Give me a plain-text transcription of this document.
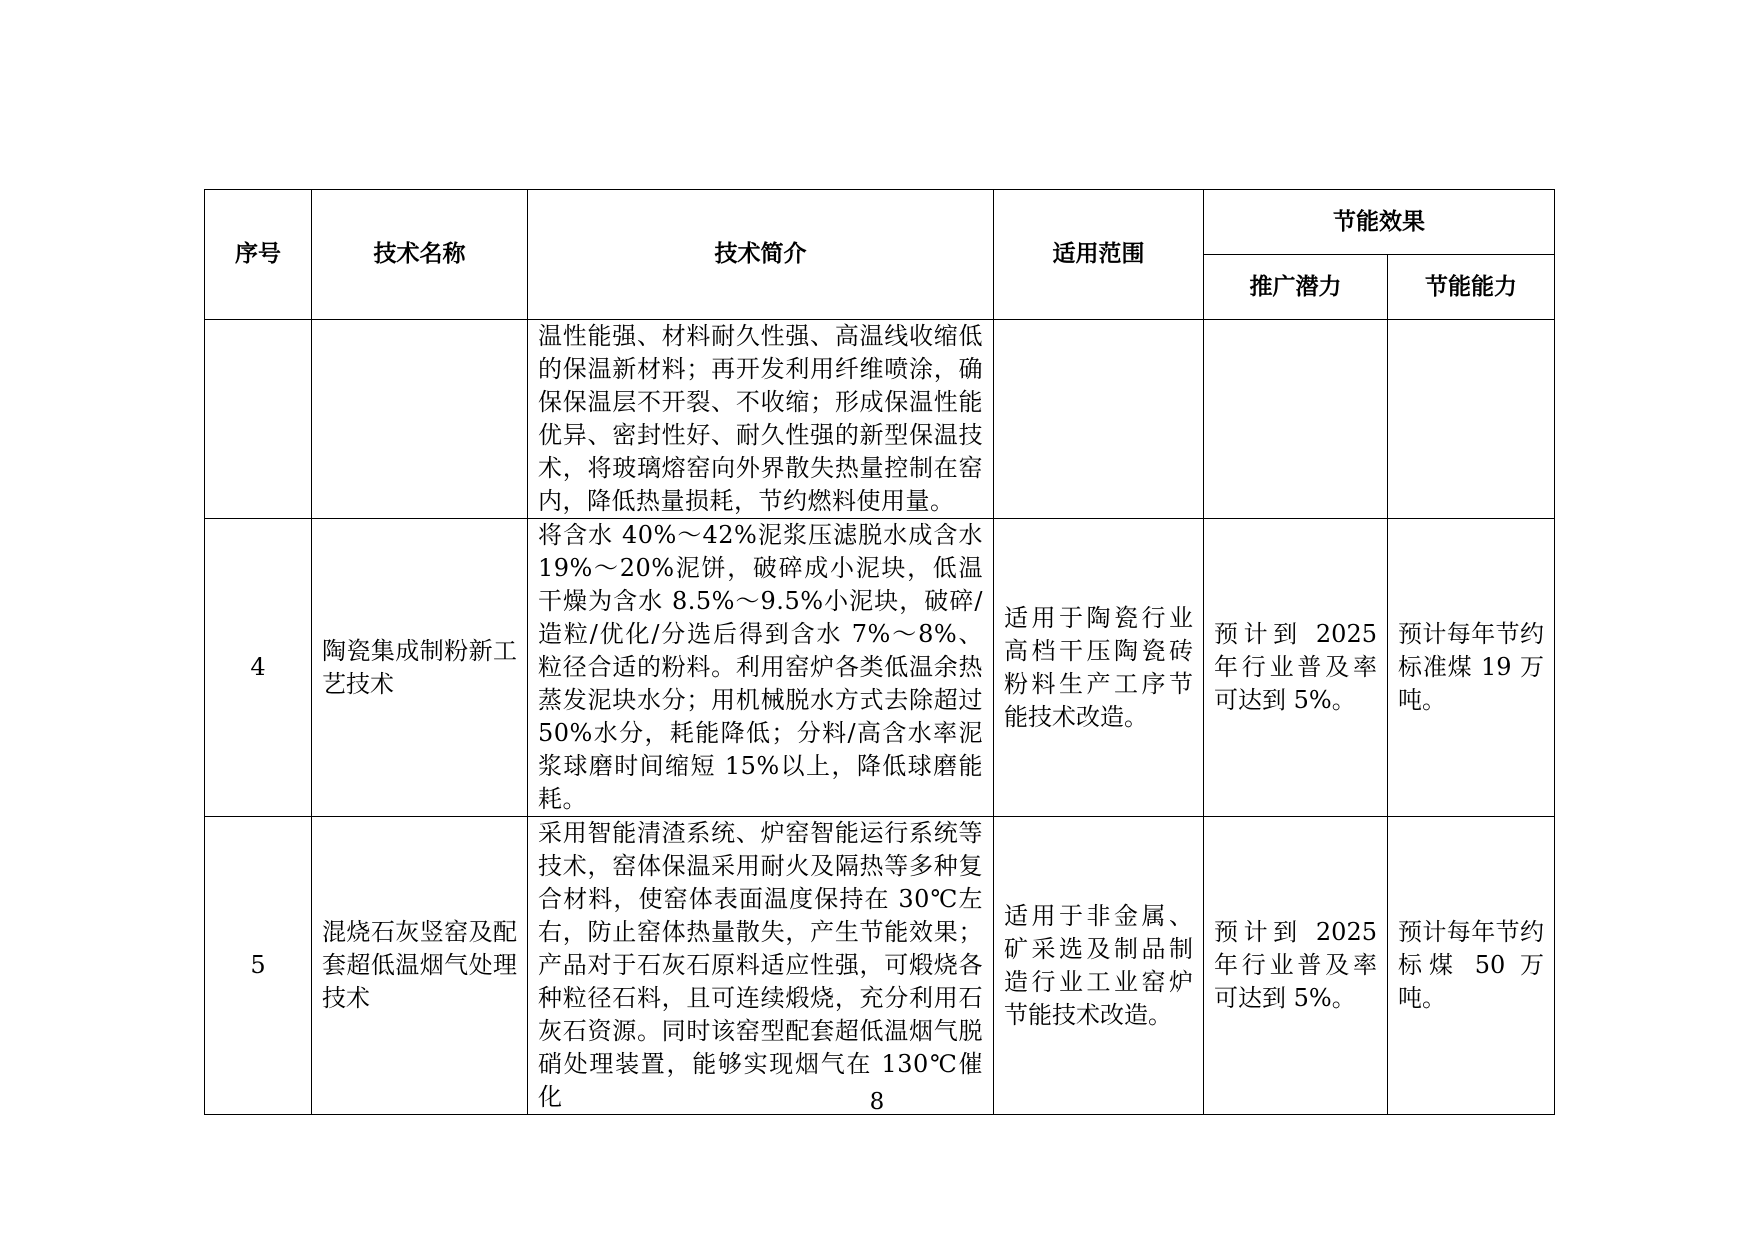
序号	技术名称	技术简介	适用范围	节能效果	
				推广潜力	节能能力
		温性能强、材料耐久性强、高温线收缩低的保温新材料；再开发利用纤维喷涂，确保保温层不开裂、不收缩；形成保温性能优异、密封性好、耐久性强的新型保温技术，将玻璃熔窑向外界散失热量控制在窑内，降低热量损耗，节约燃料使用量。			
4	陶瓷集成制粉新工艺技术	将含水 40%～42%泥浆压滤脱水成含水19%～20%泥饼，破碎成小泥块，低温干燥为含水 8.5%～9.5%小泥块，破碎/造粒/优化/分选后得到含水 7%～8%、粒径合适的粉料。利用窑炉各类低温余热蒸发泥块水分；用机械脱水方式去除超过 50%水分，耗能降低；分料/高含水率泥浆球磨时间缩短 15%以上，降低球磨能耗。	适用于陶瓷行业高档干压陶瓷砖粉料生产工序节能技术改造。	预计到 2025 年行业普及率可达到 5%。	预计每年节约标准煤 19 万吨。
5	混烧石灰竖窑及配套超低温烟气处理技术	采用智能清渣系统、炉窑智能运行系统等技术，窑体保温采用耐火及隔热等多种复合材料，使窑体表面温度保持在 30℃左右，防止窑体热量散失，产生节能效果；产品对于石灰石原料适应性强，可煅烧各种粒径石料，且可连续煅烧，充分利用石灰石资源。同时该窑型配套超低温烟气脱硝处理装置，能够实现烟气在 130℃催化	适用于非金属、矿采选及制品制造行业工业窑炉节能技术改造。	预计到 2025 年行业普及率可达到 5%。	预计每年节约标煤 50 万吨。
8
